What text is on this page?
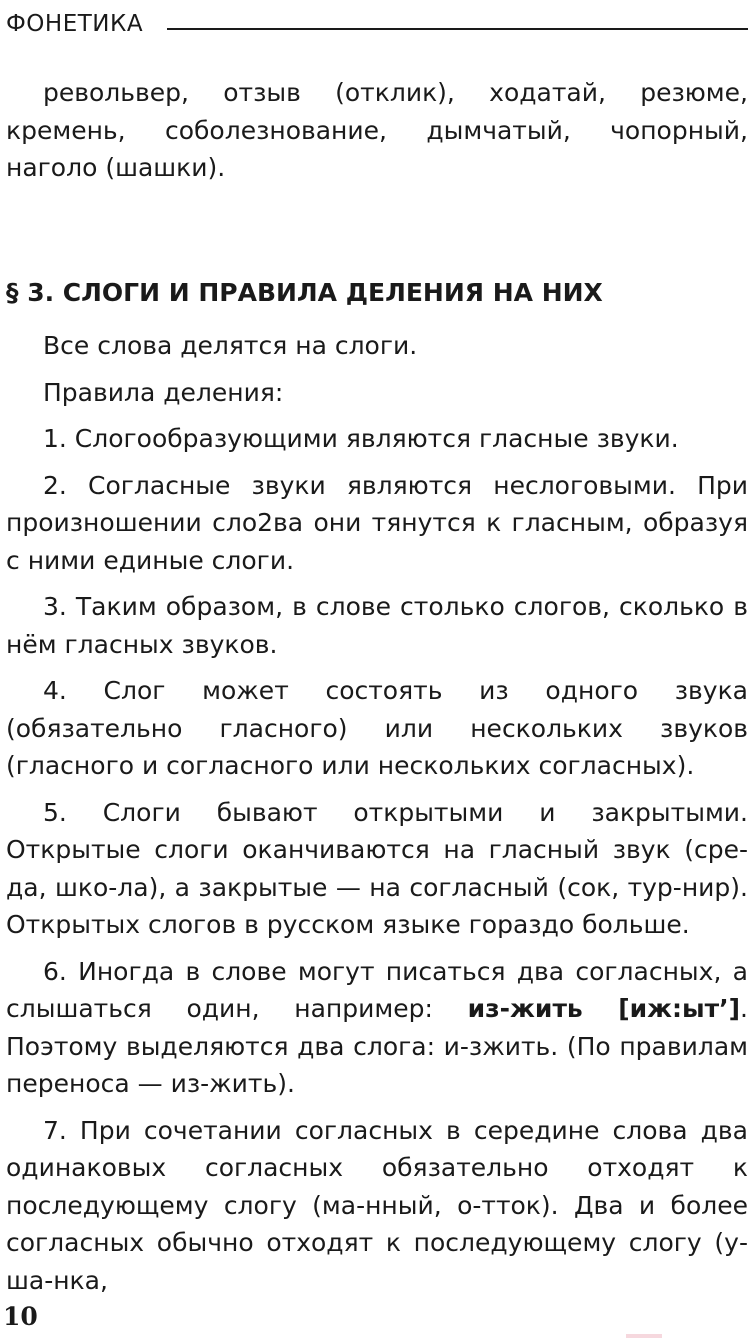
ФОНЕТИКА

револьвер, отзыв (отклик), ходатай, резюме, кремень, соболезнование, дымчатый, чопорный, наголо (шашки).

§ 3. СЛОГИ И ПРАВИЛА ДЕЛЕНИЯ НА НИХ

Все слова делятся на слоги.

Правила деления:

1. Слогообразующими являются гласные звуки.

2. Согласные звуки являются неслоговыми. При произношении сло2ва они тянутся к гласным, образуя с ними единые слоги.

3. Таким образом, в слове столько слогов, сколько в нём гласных звуков.

4. Слог может состоять из одного звука (обязательно гласного) или нескольких звуков (гласного и согласного или нескольких согласных).

5. Слоги бывают открытыми и закрытыми. Открытые слоги оканчиваются на гласный звук (сре-да, шко-ла), а закрытые — на согласный (сок, тур-нир). Открытых слогов в русском языке гораздо больше.

6. Иногда в слове могут писаться два согласных, а слышаться один, например: из-жить [иж:ыт’]. Поэтому выделяются два слога: и-зжить. (По правилам переноса — из-жить).

7. При сочетании согласных в середине слова два одинаковых согласных обязательно отходят к последующему слогу (ма-нный, о-тток). Два и более согласных обычно отходят к последующему слогу (у-ша-нка,

10
